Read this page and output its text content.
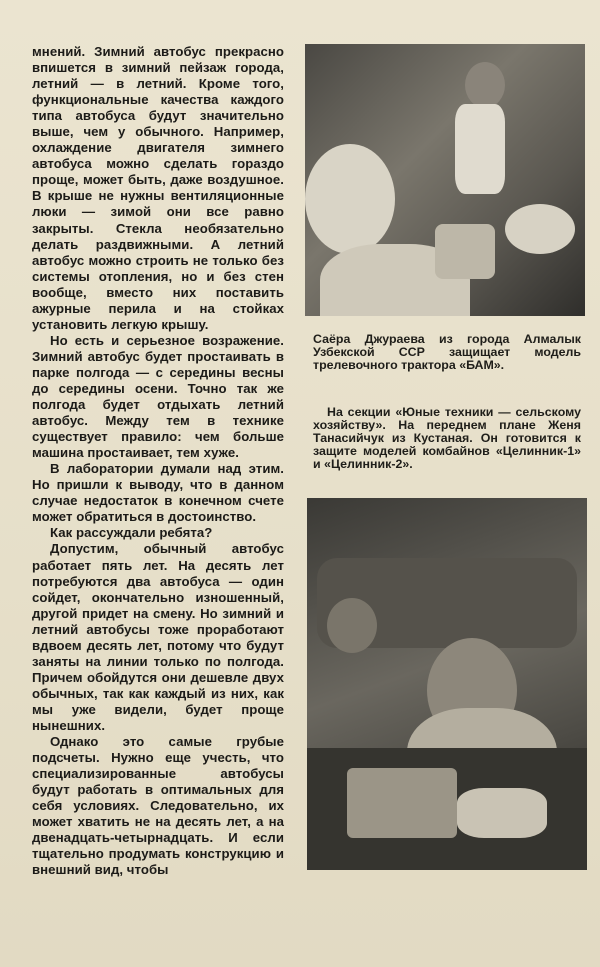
мнений. Зимний автобус прекрасно впишется в зимний пейзаж города, летний — в летний. Кроме того, функциональные качества каждого типа автобуса будут значительно выше, чем у обычного. Например, охлаждение двигателя зимнего автобуса можно сделать гораздо проще, может быть, даже воздушное. В крыше не нужны вентиляционные люки — зимой они все равно закрыты. Стекла необязательно делать раздвижными. А летний автобус можно строить не только без системы отопления, но и без стен вообще, вместо них поставить ажурные перила и на стойках установить легкую крышу.

Но есть и серьезное возражение. Зимний автобус будет простаивать в парке полгода — с середины весны до середины осени. Точно так же полгода будет отдыхать летний автобус. Между тем в технике существует правило: чем больше машина простаивает, тем хуже.

В лаборатории думали над этим. Но пришли к выводу, что в данном случае недостаток в конечном счете может обратиться в достоинство.

Как рассуждали ребята?

Допустим, обычный автобус работает пять лет. На десять лет потребуются два автобуса — один сойдет, окончательно изношенный, другой придет на смену. Но зимний и летний автобусы тоже проработают вдвоем десять лет, потому что будут заняты на линии только по полгода. Причем обойдутся они дешевле двух обычных, так как каждый из них, как мы уже видели, будет проще нынешних.

Однако это самые грубые подсчеты. Нужно еще учесть, что специализированные автобусы будут работать в оптимальных для себя условиях. Следовательно, их может хватить не на десять лет, а на двенадцать-четырнадцать. И если тщательно продумать конструкцию и внешний вид, чтобы

Саёра Джураева из города Алмалык Узбекской ССР защищает модель трелевочного трактора «БАМ».

На секции «Юные техники — сельскому хозяйству». На переднем плане Женя Танасийчук из Кустаная. Он готовится к защите моделей комбайнов «Целинник-1» и «Целинник-2».
